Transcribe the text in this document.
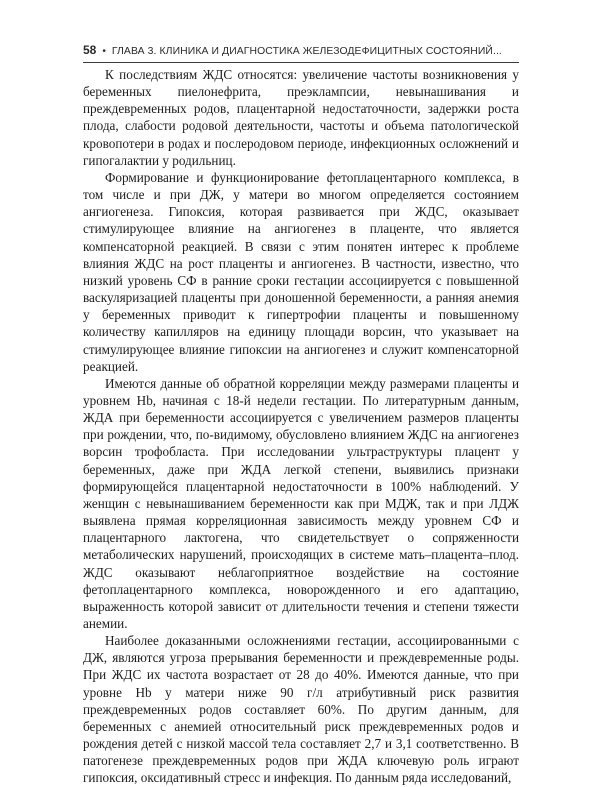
58 • ГЛАВА 3. КЛИНИКА И ДИАГНОСТИКА ЖЕЛЕЗОДЕФИЦИТНЫХ СОСТОЯНИЙ...

К последствиям ЖДС относятся: увеличение частоты возникновения у беременных пиелонефрита, преэклампсии, невынашивания и преждевременных родов, плацентарной недостаточности, задержки роста плода, слабости родовой деятельности, частоты и объема патологической кровопотери в родах и послеродовом периоде, инфекционных осложнений и гипогалактии у родильниц.

Формирование и функционирование фетоплацентарного комплекса, в том числе и при ДЖ, у матери во многом определяется состоянием ангиогенеза. Гипоксия, которая развивается при ЖДС, оказывает стимулирующее влияние на ангиогенез в плаценте, что является компенсаторной реакцией. В связи с этим понятен интерес к проблеме влияния ЖДС на рост плаценты и ангиогенез. В частности, известно, что низкий уровень СФ в ранние сроки гестации ассоциируется с повышенной васкуляризацией плаценты при доношенной беременности, а ранняя анемия у беременных приводит к гипертрофии плаценты и повышенному количеству капилляров на единицу площади ворсин, что указывает на стимулирующее влияние гипоксии на ангиогенез и служит компенсаторной реакцией.

Имеются данные об обратной корреляции между размерами плаценты и уровнем Hb, начиная с 18-й недели гестации. По литературным данным, ЖДА при беременности ассоциируется с увеличением размеров плаценты при рождении, что, по-видимому, обусловлено влиянием ЖДС на ангиогенез ворсин трофобласта. При исследовании ультраструктуры плацент у беременных, даже при ЖДА легкой степени, выявились признаки формирующейся плацентарной недостаточности в 100% наблюдений. У женщин с невынашиванием беременности как при МДЖ, так и при ЛДЖ выявлена прямая корреляционная зависимость между уровнем СФ и плацентарного лактогена, что свидетельствует о сопряженности метаболических нарушений, происходящих в системе мать–плацента–плод. ЖДС оказывают неблагоприятное воздействие на состояние фетоплацентарного комплекса, новорожденного и его адаптацию, выраженность которой зависит от длительности течения и степени тяжести анемии.

Наиболее доказанными осложнениями гестации, ассоциированными с ДЖ, являются угроза прерывания беременности и преждевременные роды. При ЖДС их частота возрастает от 28 до 40%. Имеются данные, что при уровне Hb у матери ниже 90 г/л атрибутивный риск развития преждевременных родов составляет 60%. По другим данным, для беременных с анемией относительный риск преждевременных родов и рождения детей с низкой массой тела составляет 2,7 и 3,1 соответственно. В патогенезе преждевременных родов при ЖДА ключевую роль играют гипоксия, оксидативный стресс и инфекция. По данным ряда исследований,
